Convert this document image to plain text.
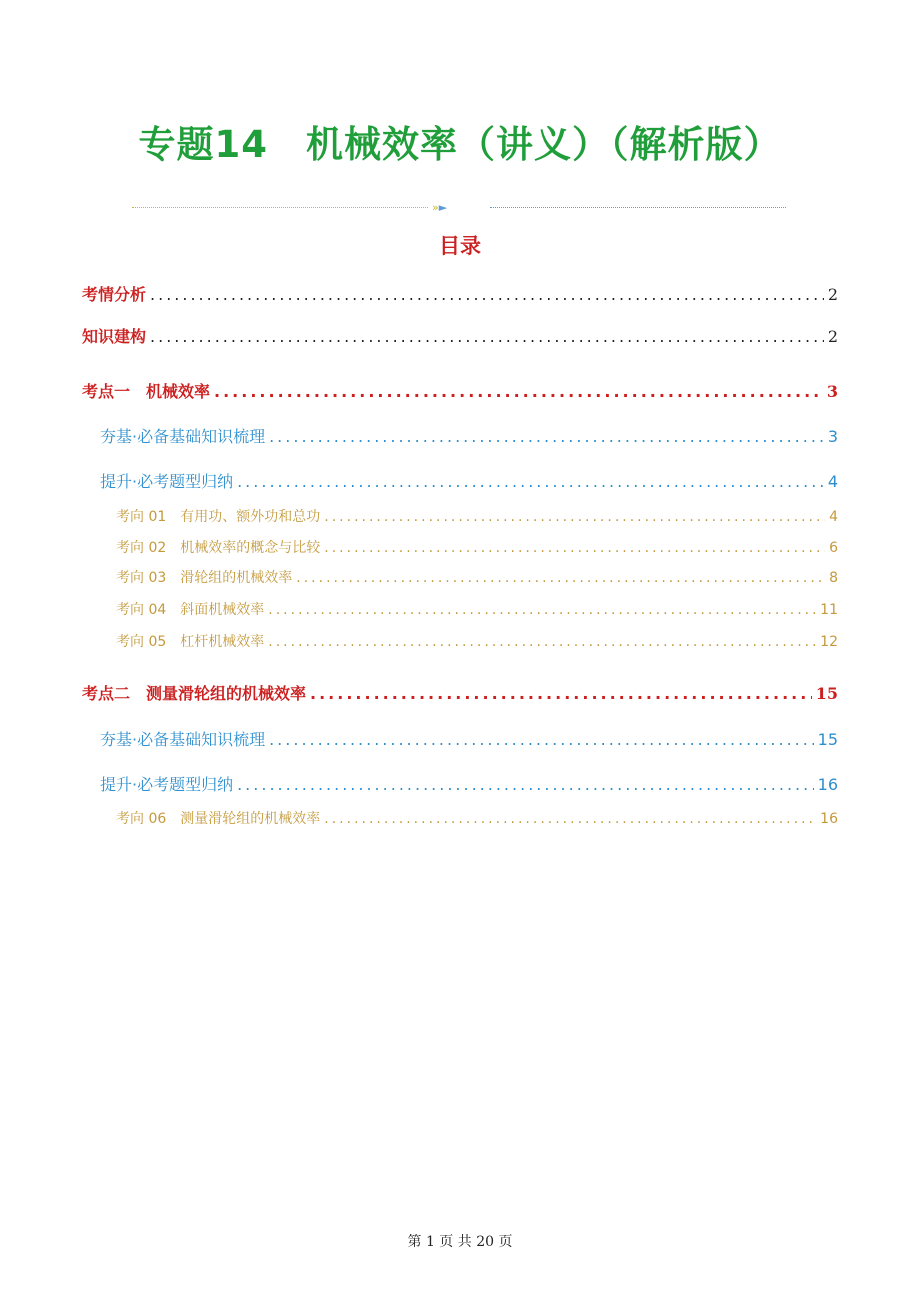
专题14　机械效率（讲义）（解析版）
»►
目录
考情分析 .....	2
知识建构 .....	2
考点一　机械效率 .....	3
夯基·必备基础知识梳理 .....	3
提升·必考题型归纳 .....	4
考向 01 有用功、额外功和总功 .....	4
考向 02 机械效率的概念与比较 .....	6
考向 03 滑轮组的机械效率 .....	8
考向 04 斜面机械效率 .....	11
考向 05 杠杆机械效率 .....	12
考点二　测量滑轮组的机械效率 .....	15
夯基·必备基础知识梳理 .....	15
提升·必考题型归纳 .....	16
考向 06 测量滑轮组的机械效率 .....	16
第 1 页 共 20 页
